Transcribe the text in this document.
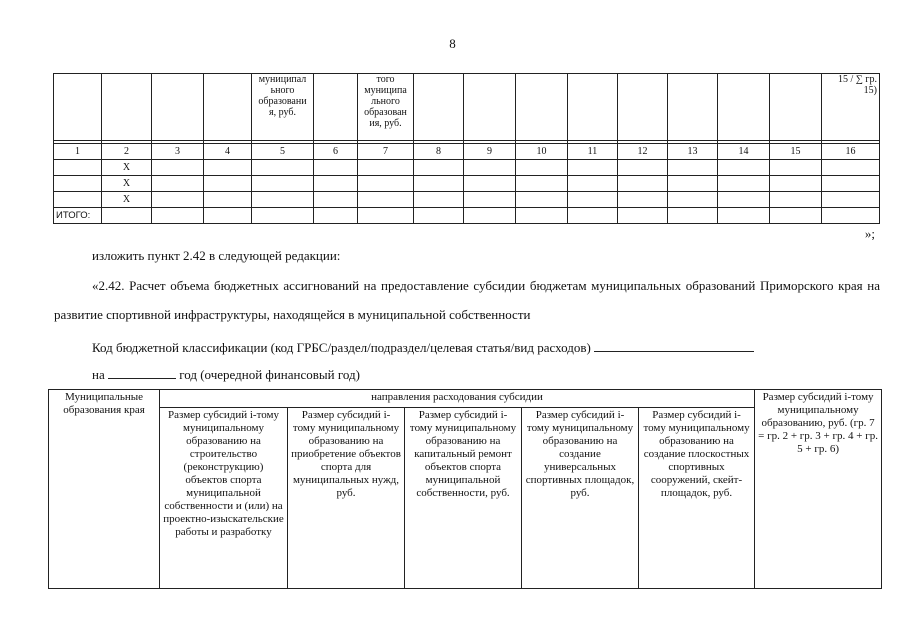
8
				муниципал
ьного
образовани
я, руб.		того
муниципа
льного
образован
ия, руб.									15 / ∑ гр.
15)

1	2	3	4	5	6	7	8	9	10	11	12	13	14	15	16
	Х														
	Х														
	Х														
ИТОГО:															
»;
изложить пункт 2.42 в следующей редакции:
«2.42. Расчет объема бюджетных ассигнований на предоставление субсидии бюджетам муниципальных образований Приморского края на развитие спортивной инфраструктуры, находящейся в муниципальной собственности
Код бюджетной классификации (код ГРБС/раздел/подраздел/целевая статья/вид расходов)
на	год (очередной финансовый год)
Муниципальные образования края	направления расходования субсидии					Размер субсидий i-тому муниципальному образованию, руб. (гр. 7 = гр. 2 + гр. 3 + гр. 4 + гр. 5 + гр. 6)
	Размер субсидий i-тому муниципальному образованию на строительство (реконструкцию) объектов спорта муниципальной собственности и (или) на проектно-изыскательские работы и разработку	Размер субсидий i-тому муниципальному образованию на приобретение объектов спорта для муниципальных нужд, руб.	Размер субсидий i-тому муниципальному образованию на капитальный ремонт объектов спорта муниципальной собственности, руб.	Размер субсидий i-тому муниципальному образованию на создание универсальных спортивных площадок, руб.	Размер субсидий i-тому муниципальному образованию на создание плоскостных спортивных сооружений, скейт-площадок, руб.	
